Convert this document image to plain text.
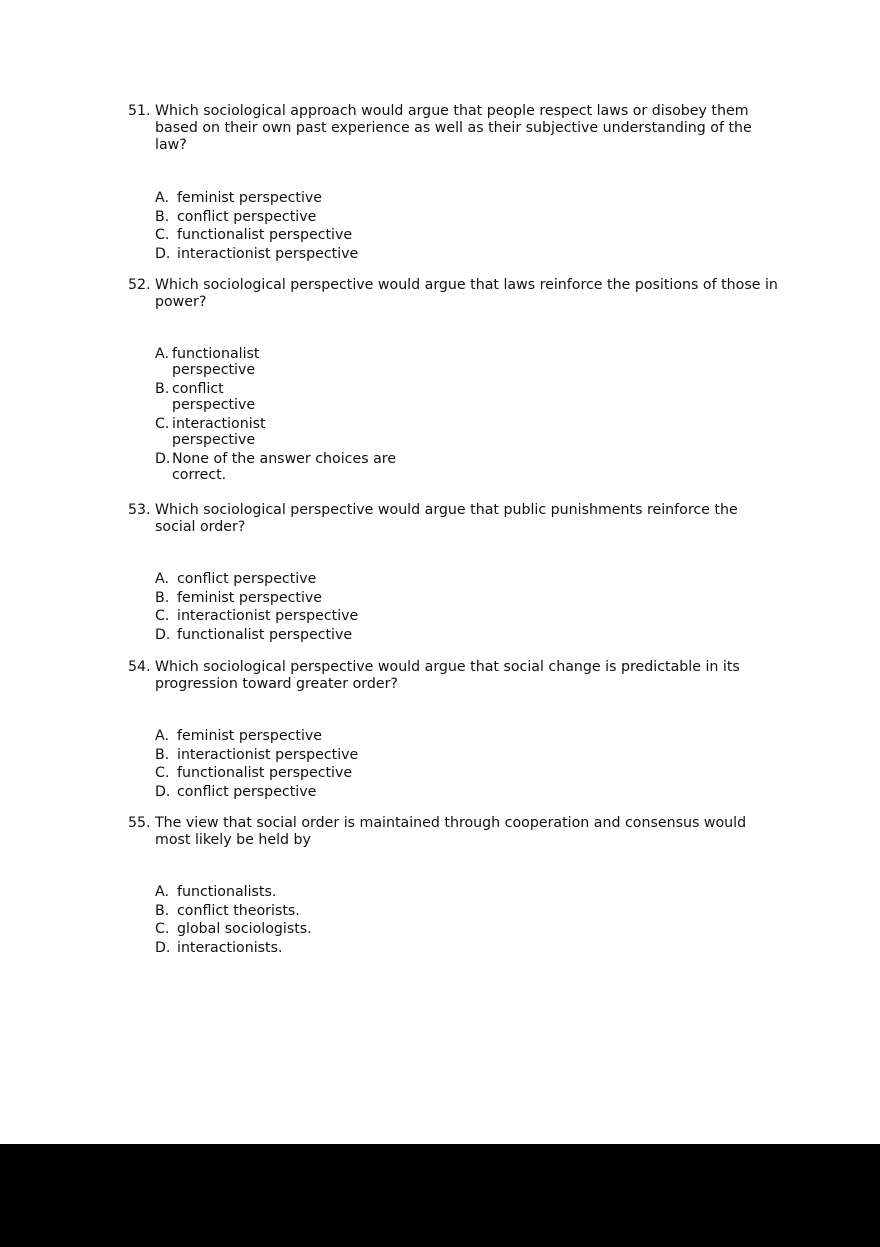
51. Which sociological approach would argue that people respect laws or disobey them based on their own past experience as well as their subjective understanding of the law?
A. feminist perspective
B. conflict perspective
C. functionalist perspective
D. interactionist perspective
52. Which sociological perspective would argue that laws reinforce the positions of those in power?
A. functionalist perspective
B. conflict perspective
C. interactionist perspective
D. None of the answer choices are correct.
53. Which sociological perspective would argue that public punishments reinforce the social order?
A. conflict perspective
B. feminist perspective
C. interactionist perspective
D. functionalist perspective
54. Which sociological perspective would argue that social change is predictable in its progression toward greater order?
A. feminist perspective
B. interactionist perspective
C. functionalist perspective
D. conflict perspective
55. The view that social order is maintained through cooperation and consensus would most likely be held by
A. functionalists.
B. conflict theorists.
C. global sociologists.
D. interactionists.
